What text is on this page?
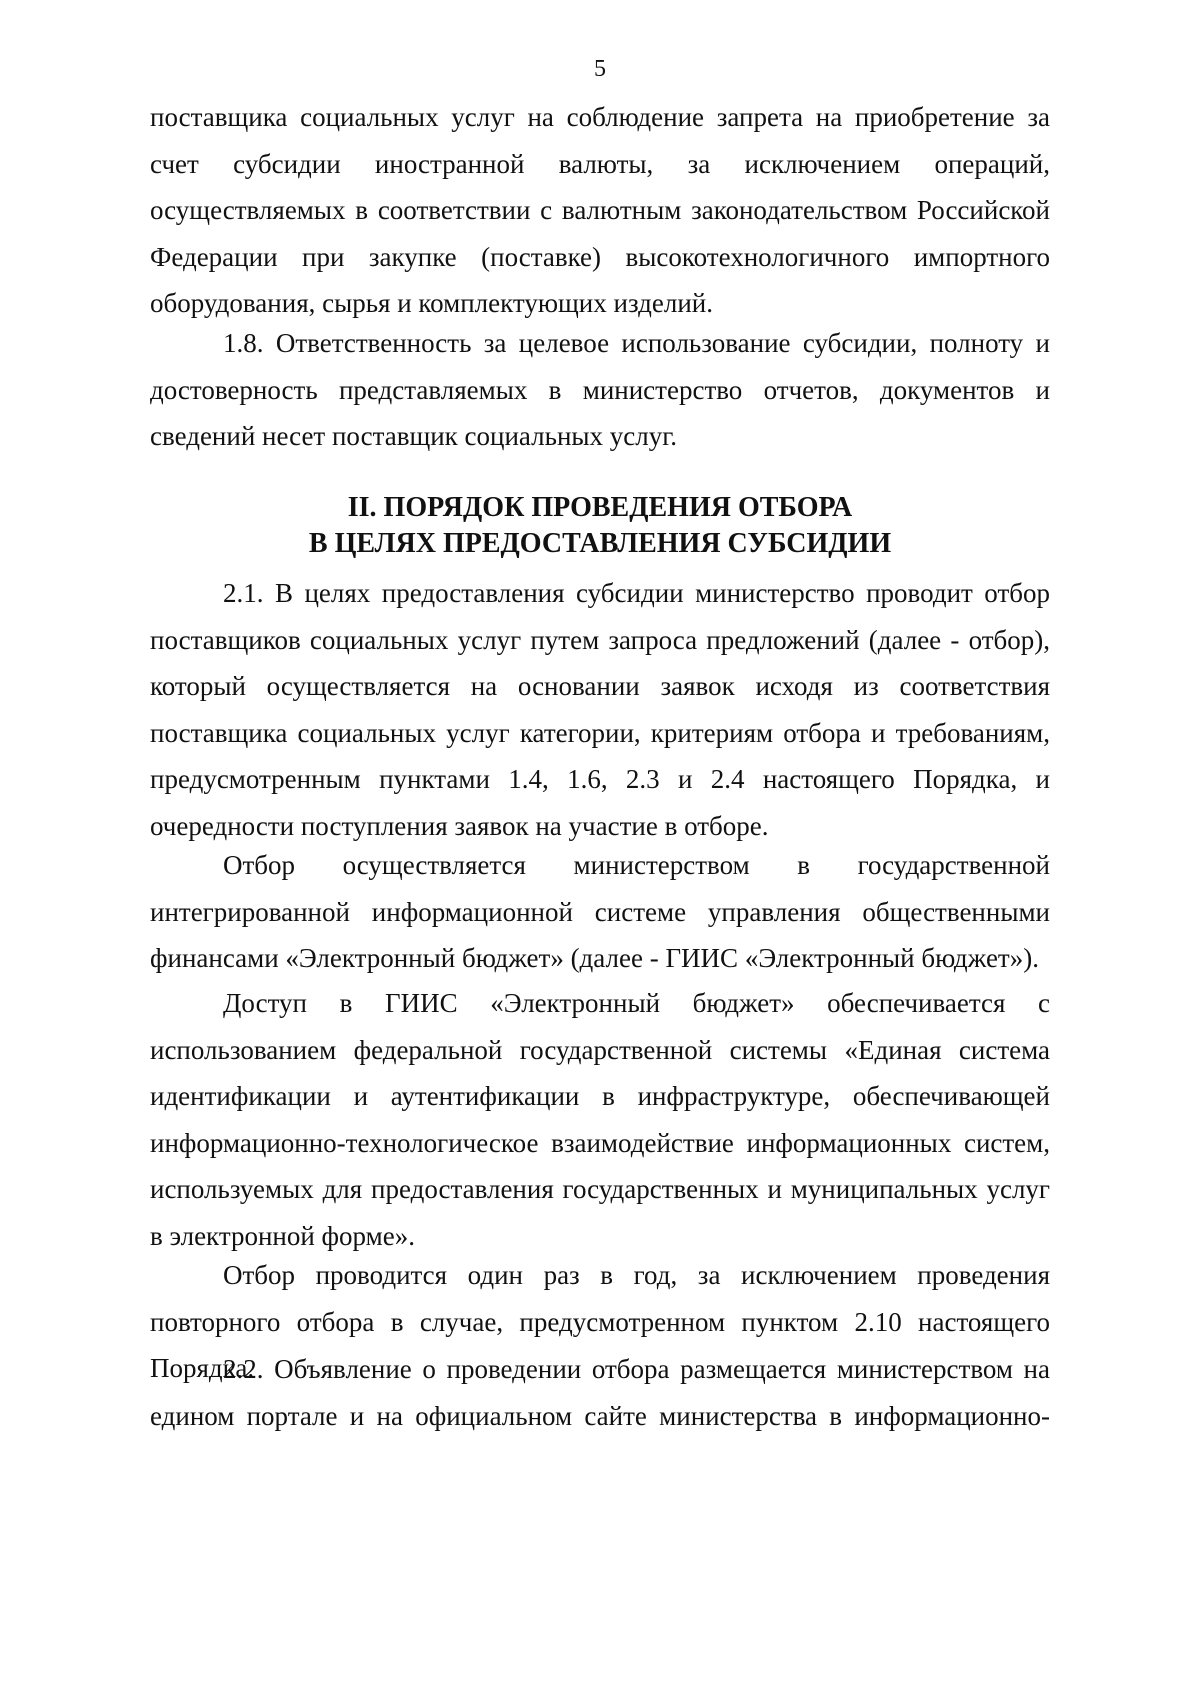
5
поставщика социальных услуг на соблюдение запрета на приобретение за счет субсидии иностранной валюты, за исключением операций, осуществляемых в соответствии с валютным законодательством Российской Федерации при закупке (поставке) высокотехнологичного импортного оборудования, сырья и комплектующих изделий.
1.8. Ответственность за целевое использование субсидии, полноту и достоверность представляемых в министерство отчетов, документов и сведений несет поставщик социальных услуг.
II. ПОРЯДОК ПРОВЕДЕНИЯ ОТБОРА
В ЦЕЛЯХ ПРЕДОСТАВЛЕНИЯ СУБСИДИИ
2.1. В целях предоставления субсидии министерство проводит отбор поставщиков социальных услуг путем запроса предложений (далее - отбор), который осуществляется на основании заявок исходя из соответствия поставщика социальных услуг категории, критериям отбора и требованиям, предусмотренным пунктами 1.4, 1.6, 2.3 и 2.4 настоящего Порядка, и очередности поступления заявок на участие в отборе.
Отбор осуществляется министерством в государственной интегрированной информационной системе управления общественными финансами «Электронный бюджет» (далее - ГИИС «Электронный бюджет»).
Доступ в ГИИС «Электронный бюджет» обеспечивается с использованием федеральной государственной системы «Единая система идентификации и аутентификации в инфраструктуре, обеспечивающей информационно-технологическое взаимодействие информационных систем, используемых для предоставления государственных и муниципальных услуг в электронной форме».
Отбор проводится один раз в год, за исключением проведения повторного отбора в случае, предусмотренном пунктом 2.10 настоящего Порядка.
2.2. Объявление о проведении отбора размещается министерством на едином портале и на официальном сайте министерства в информационно-
